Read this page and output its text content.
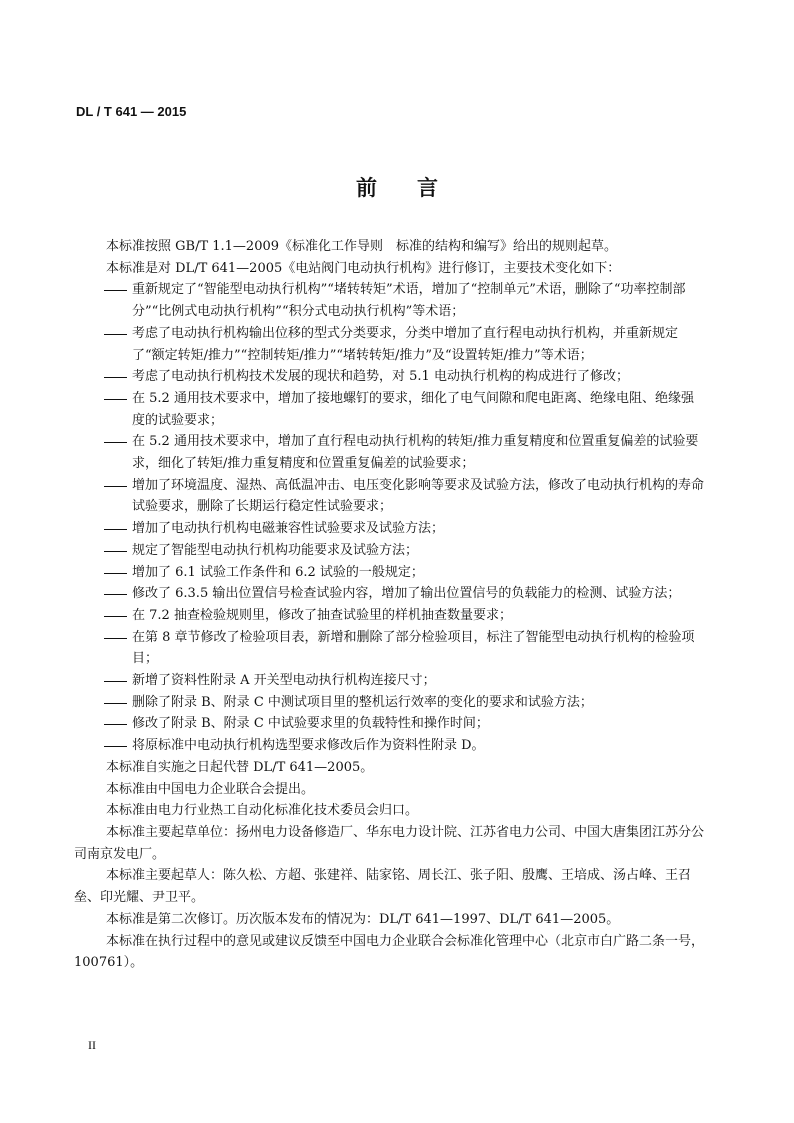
DL / T 641 — 2015
前 言

本标准按照 GB/T 1.1—2009《标准化工作导则　标准的结构和编写》给出的规则起草。

本标准是对 DL/T 641—2005《电站阀门电动执行机构》进行修订，主要技术变化如下：

重新规定了“智能型电动执行机构”“堵转转矩”术语，增加了“控制单元”术语，删除了“功率控制部分”“比例式电动执行机构”“积分式电动执行机构”等术语；
考虑了电动执行机构输出位移的型式分类要求，分类中增加了直行程电动执行机构，并重新规定了“额定转矩/推力”“控制转矩/推力”“堵转转矩/推力”及“设置转矩/推力”等术语；
考虑了电动执行机构技术发展的现状和趋势，对 5.1 电动执行机构的构成进行了修改；
在 5.2 通用技术要求中，增加了接地螺钉的要求，细化了电气间隙和爬电距离、绝缘电阻、绝缘强度的试验要求；
在 5.2 通用技术要求中，增加了直行程电动执行机构的转矩/推力重复精度和位置重复偏差的试验要求，细化了转矩/推力重复精度和位置重复偏差的试验要求；
增加了环境温度、湿热、高低温冲击、电压变化影响等要求及试验方法，修改了电动执行机构的寿命试验要求，删除了长期运行稳定性试验要求；
增加了电动执行机构电磁兼容性试验要求及试验方法；
规定了智能型电动执行机构功能要求及试验方法；
增加了 6.1 试验工作条件和 6.2 试验的一般规定；
修改了 6.3.5 输出位置信号检查试验内容，增加了输出位置信号的负载能力的检测、试验方法；
在 7.2 抽查检验规则里，修改了抽查试验里的样机抽查数量要求；
在第 8 章节修改了检验项目表，新增和删除了部分检验项目，标注了智能型电动执行机构的检验项目；
新增了资料性附录 A 开关型电动执行机构连接尺寸；
删除了附录 B、附录 C 中测试项目里的整机运行效率的变化的要求和试验方法；
修改了附录 B、附录 C 中试验要求里的负载特性和操作时间；
将原标准中电动执行机构选型要求修改后作为资料性附录 D。

本标准自实施之日起代替 DL/T 641—2005。

本标准由中国电力企业联合会提出。

本标准由电力行业热工自动化标准化技术委员会归口。

本标准主要起草单位：扬州电力设备修造厂、华东电力设计院、江苏省电力公司、中国大唐集团江苏分公司南京发电厂。

本标准主要起草人：陈久松、方超、张建祥、陆家铭、周长江、张子阳、殷鹰、王培成、汤占峰、王召垒、印光耀、尹卫平。

本标准是第二次修订。历次版本发布的情况为：DL/T 641—1997、DL/T 641—2005。

本标准在执行过程中的意见或建议反馈至中国电力企业联合会标准化管理中心（北京市白广路二条一号，100761）。

II
